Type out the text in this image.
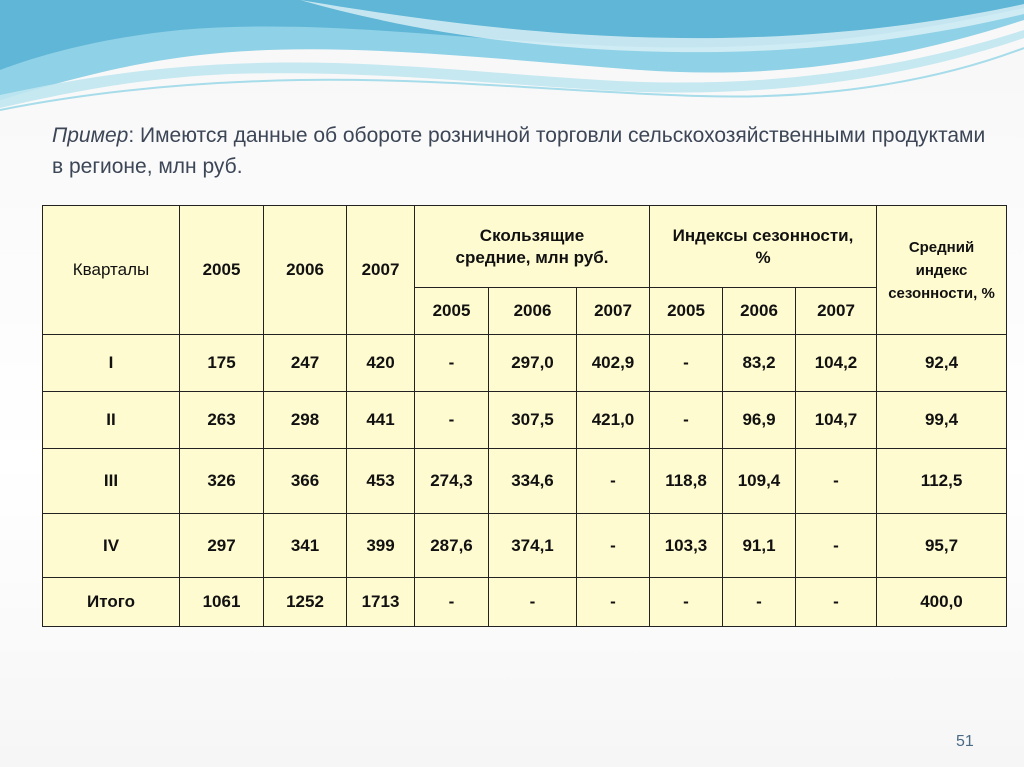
Пример: Имеются данные об обороте розничной торговли сельскохозяйственными продуктами в регионе, млн руб.
Кварталы	2005	2006	2007	Скользящие средние, млн руб.			Индексы сезонности, %			Средний индекс сезонности, %
				2005	2006	2007	2005	2006	2007	
I	175	247	420	-	297,0	402,9	-	83,2	104,2	92,4
II	263	298	441	-	307,5	421,0	-	96,9	104,7	99,4
III	326	366	453	274,3	334,6	-	118,8	109,4	-	112,5
IV	297	341	399	287,6	374,1	-	103,3	91,1	-	95,7
Итого	1061	1252	1713	-	-	-	-	-	-	400,0
51
